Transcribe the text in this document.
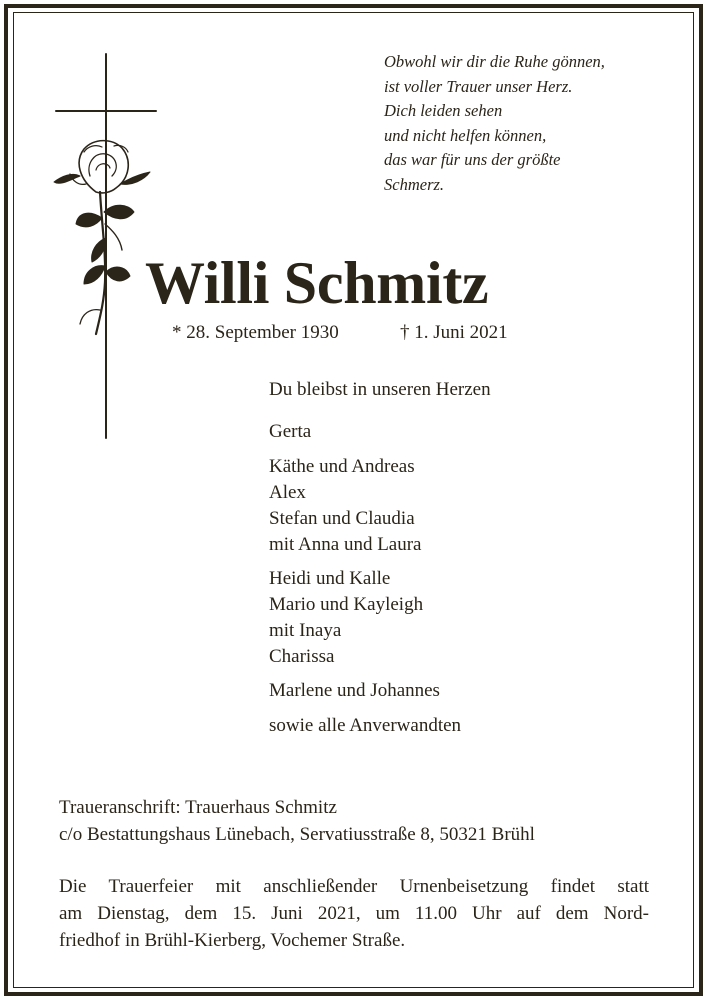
Obwohl wir dir die Ruhe gönnen,
ist voller Trauer unser Herz.
Dich leiden sehen
und nicht helfen können,
das war für uns der größte
Schmerz.
Willi Schmitz
* 28. September 1930	† 1. Juni 2021
Du bleibst in unseren Herzen
Gerta
Käthe und Andreas
Alex
Stefan und Claudia
mit Anna und Laura
Heidi und Kalle
Mario und Kayleigh
mit Inaya
Charissa
Marlene und Johannes
sowie alle Anverwandten
Traueranschrift: Trauerhaus Schmitz
c/o Bestattungshaus Lünebach, Servatiusstraße 8, 50321 Brühl
Die Trauerfeier mit anschließender Urnenbeisetzung findet statt
am Dienstag, dem 15. Juni 2021, um 11.00 Uhr auf dem Nord-
friedhof in Brühl-Kierberg, Vochemer Straße.
